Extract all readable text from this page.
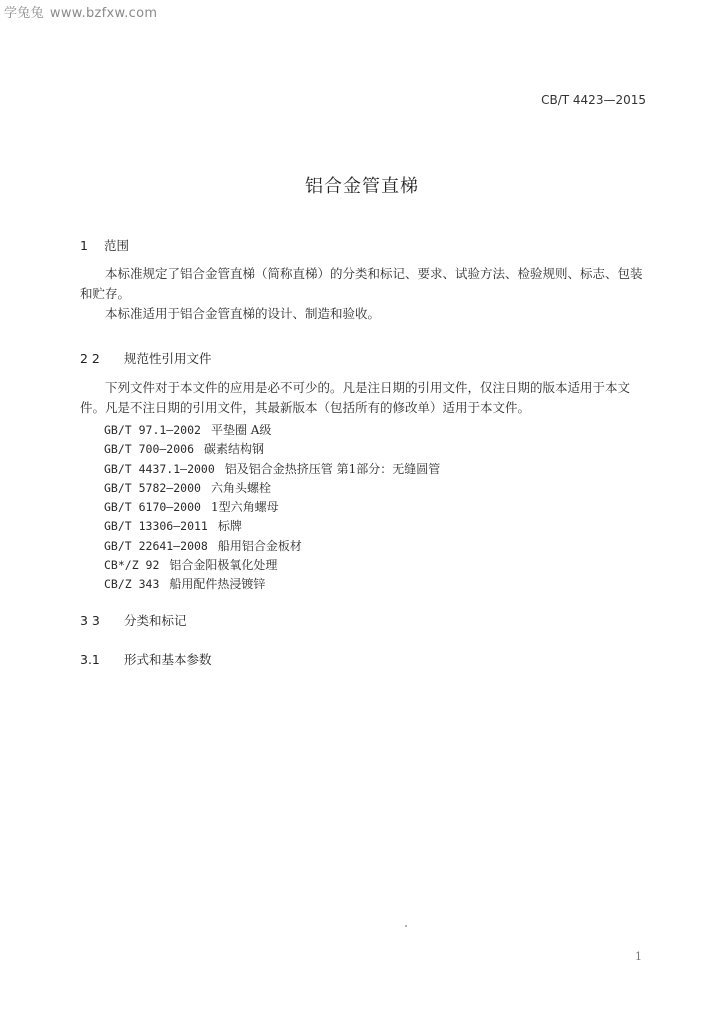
学兔兔 www.bzfxw.com
CB/T 4423—2015
铝合金管直梯
1 范围

本标准规定了铝合金管直梯（简称直梯）的分类和标记、要求、试验方法、检验规则、标志、包装和贮存。

本标准适用于铝合金管直梯的设计、制造和验收。

2 2 规范性引用文件

下列文件对于本文件的应用是必不可少的。凡是注日期的引用文件，仅注日期的版本适用于本文件。凡是不注日期的引用文件，其最新版本（包括所有的修改单）适用于本文件。

GB/T 97.1—2002 平垫圈 A级
GB/T 700—2006 碳素结构钢
GB/T 4437.1—2000 铝及铝合金热挤压管 第1部分：无缝圆管
GB/T 5782—2000 六角头螺栓
GB/T 6170—2000 1型六角螺母
GB/T 13306—2011 标牌
GB/T 22641—2008 船用铝合金板材
CB*/Z 92 铝合金阳极氧化处理
CB/Z 343 船用配件热浸镀锌
3 3 分类和标记
3.1 形式和基本参数
1
